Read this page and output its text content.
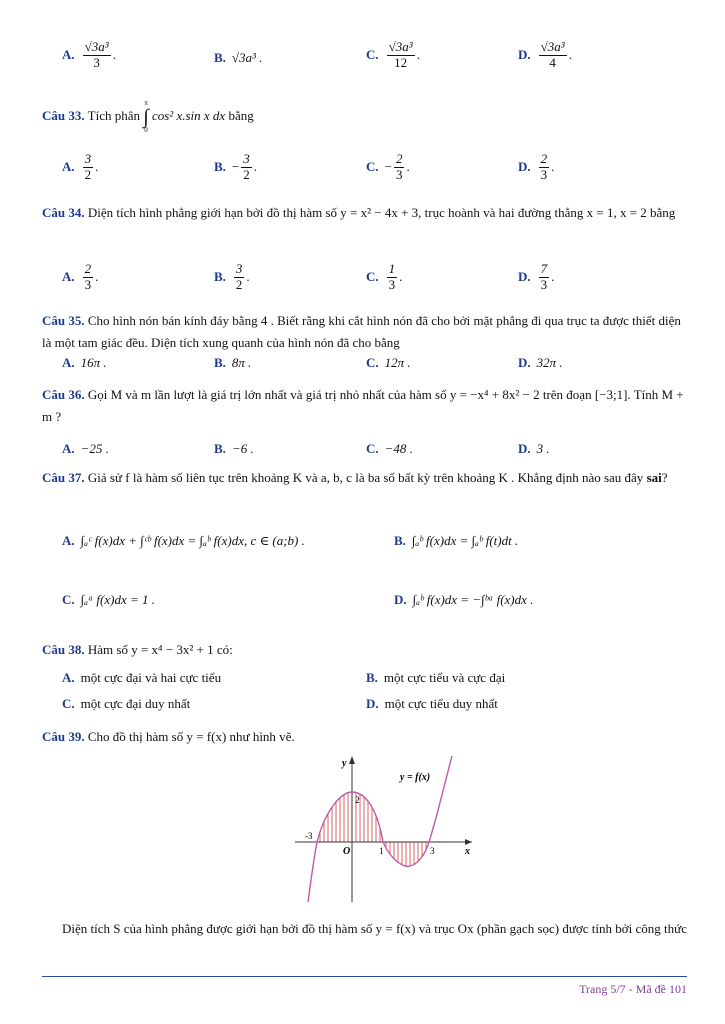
A. $\frac{\text{√3a³}}{3}$ .	B. √3a³ .	C. $\frac{\text{√3a³}}{12}$ .	D. $\frac{\text{√3a³}}{4}$ .
Câu 33. Tích phân
π
∫
0
cos² x.sin x dx bằng
A. $\frac{3}{2}$ .	B. − $\frac{3}{2}$ .	C. − $\frac{2}{3}$ .	D. $\frac{2}{3}$ .
Câu 34. Diện tích hình phẳng giới hạn bởi đồ thị hàm số y = x² − 4x + 3, trục hoành và hai đường thẳng x = 1, x = 2 bằng
A. $\frac{2}{3}$ .	B. $\frac{3}{2}$ .	C. $\frac{1}{3}$ .	D. $\frac{7}{3}$ .
Câu 35. Cho hình nón bán kính đáy bằng 4 . Biết rằng khi cắt hình nón đã cho bởi mặt phẳng đi qua trục ta được thiết diện là một tam giác đều. Diện tích xung quanh của hình nón đã cho bằng
A. 16π .	B. 8π .	C. 12π .	D. 32π .
Câu 36. Gọi M và m lần lượt là giá trị lớn nhất và giá trị nhỏ nhất của hàm số y = −x⁴ + 8x² − 2 trên đoạn [−3;1]. Tính M + m ?
A. −25 .	B. −6 .	C. −48 .	D. 3 .
Câu 37. Giả sử f là hàm số liên tục trên khoảng K và a, b, c là ba số bất kỳ trên khoảng K . Khẳng định nào sau đây sai?
A. ∫ₐᶜ f(x)dx + ∫ᶜᵇ f(x)dx = ∫ₐᵇ f(x)dx, c ∈ (a;b) .	B. ∫ₐᵇ f(x)dx = ∫ₐᵇ f(t)dt .
C. ∫ₐᵃ f(x)dx = 1 .	D. ∫ₐᵇ f(x)dx = −∫ᵇᵃ f(x)dx .
Câu 38. Hàm số y = x⁴ − 3x² + 1 có:
A. một cực đại và hai cực tiểu	B. một cực tiểu và cực đại
C. một cực đại duy nhất	D. một cực tiểu duy nhất
Câu 39. Cho đồ thị hàm số y = f(x) như hình vẽ.
y = f(x)
y
x
O
-3
1	3
2
Diện tích S của hình phẳng được giới hạn bởi đồ thị hàm số y = f(x) và trục Ox (phần gạch sọc) được tính bởi công thức
Trang 5/7 - Mã đề 101
